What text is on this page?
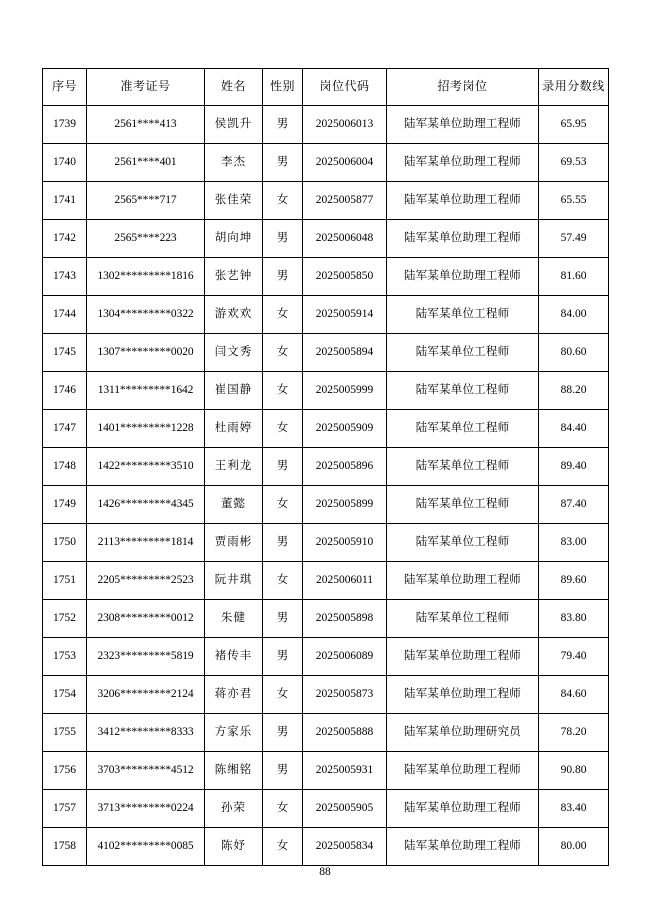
序号	准考证号	姓名	性别	岗位代码	招考岗位	录用分数线
1739	2561****413	侯凯升	男	2025006013	陆军某单位助理工程师	65.95
1740	2561****401	李杰	男	2025006004	陆军某单位助理工程师	69.53
1741	2565****717	张佳荣	女	2025005877	陆军某单位助理工程师	65.55
1742	2565****223	胡向坤	男	2025006048	陆军某单位助理工程师	57.49
1743	1302*********1816	张艺钟	男	2025005850	陆军某单位助理工程师	81.60
1744	1304*********0322	游欢欢	女	2025005914	陆军某单位工程师	84.00
1745	1307*********0020	闫文秀	女	2025005894	陆军某单位工程师	80.60
1746	1311*********1642	崔国静	女	2025005999	陆军某单位工程师	88.20
1747	1401*********1228	杜雨婷	女	2025005909	陆军某单位工程师	84.40
1748	1422*********3510	王利龙	男	2025005896	陆军某单位工程师	89.40
1749	1426*********4345	董懿	女	2025005899	陆军某单位工程师	87.40
1750	2113*********1814	贾雨彬	男	2025005910	陆军某单位工程师	83.00
1751	2205*********2523	阮井琪	女	2025006011	陆军某单位助理工程师	89.60
1752	2308*********0012	朱健	男	2025005898	陆军某单位工程师	83.80
1753	2323*********5819	褚传丰	男	2025006089	陆军某单位助理工程师	79.40
1754	3206*********2124	蒋亦君	女	2025005873	陆军某单位助理工程师	84.60
1755	3412*********8333	方家乐	男	2025005888	陆军某单位助理研究员	78.20
1756	3703*********4512	陈缃铭	男	2025005931	陆军某单位助理工程师	90.80
1757	3713*********0224	孙荣	女	2025005905	陆军某单位助理工程师	83.40
1758	4102*********0085	陈妤	女	2025005834	陆军某单位助理工程师	80.00
88
